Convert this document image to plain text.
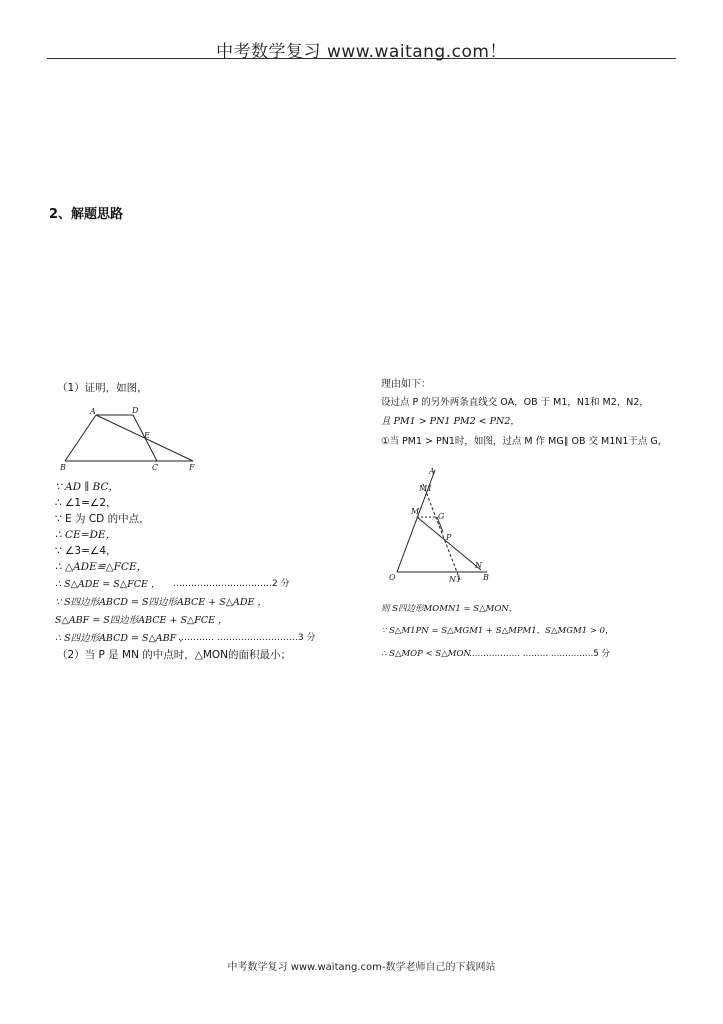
中考数学复习 www.waitang.com！
2、解题思路
（1）证明，如图，
A	D
E
B	C	F
∵ AD ∥ BC，
∴ ∠1=∠2，
∵ E 为 CD 的中点，
∴ CE=DE，
∵ ∠3=∠4，
∴ △ADE≌△FCE，
∴ S△ADE = S△FCE ， ……………………………2 分
∵ S四边形ABCD = S四边形ABCE + S△ADE ，
S△ABF = S四边形ABCE + S△FCE ，
∴ S四边形ABCD = S△ABF ，
………… ………………………3 分
（2）当 P 是 MN 的中点时，△MON的面积最小；
理由如下：
设过点 P 的另外两条直线交 OA，OB 于 M1，N1和 M2，N2，
且 PM1 > PN1 PM2 < PN2，
①当 PM1 > PN1时，如图，过点 M 作 MG∥ OB 交 M1N1于点 G，
A
M1
M
G
P
N
O	N1	B
则 S四边形MOMN1 = S△MON，
∵ S△M1PN = S△MGM1 + S△MPM1，S△MGM1 > 0，
∴ S△MOP < S△MON
……………… ……… ……………5 分
中考数学复习 www.waitang.com-数学老师自己的下载网站
